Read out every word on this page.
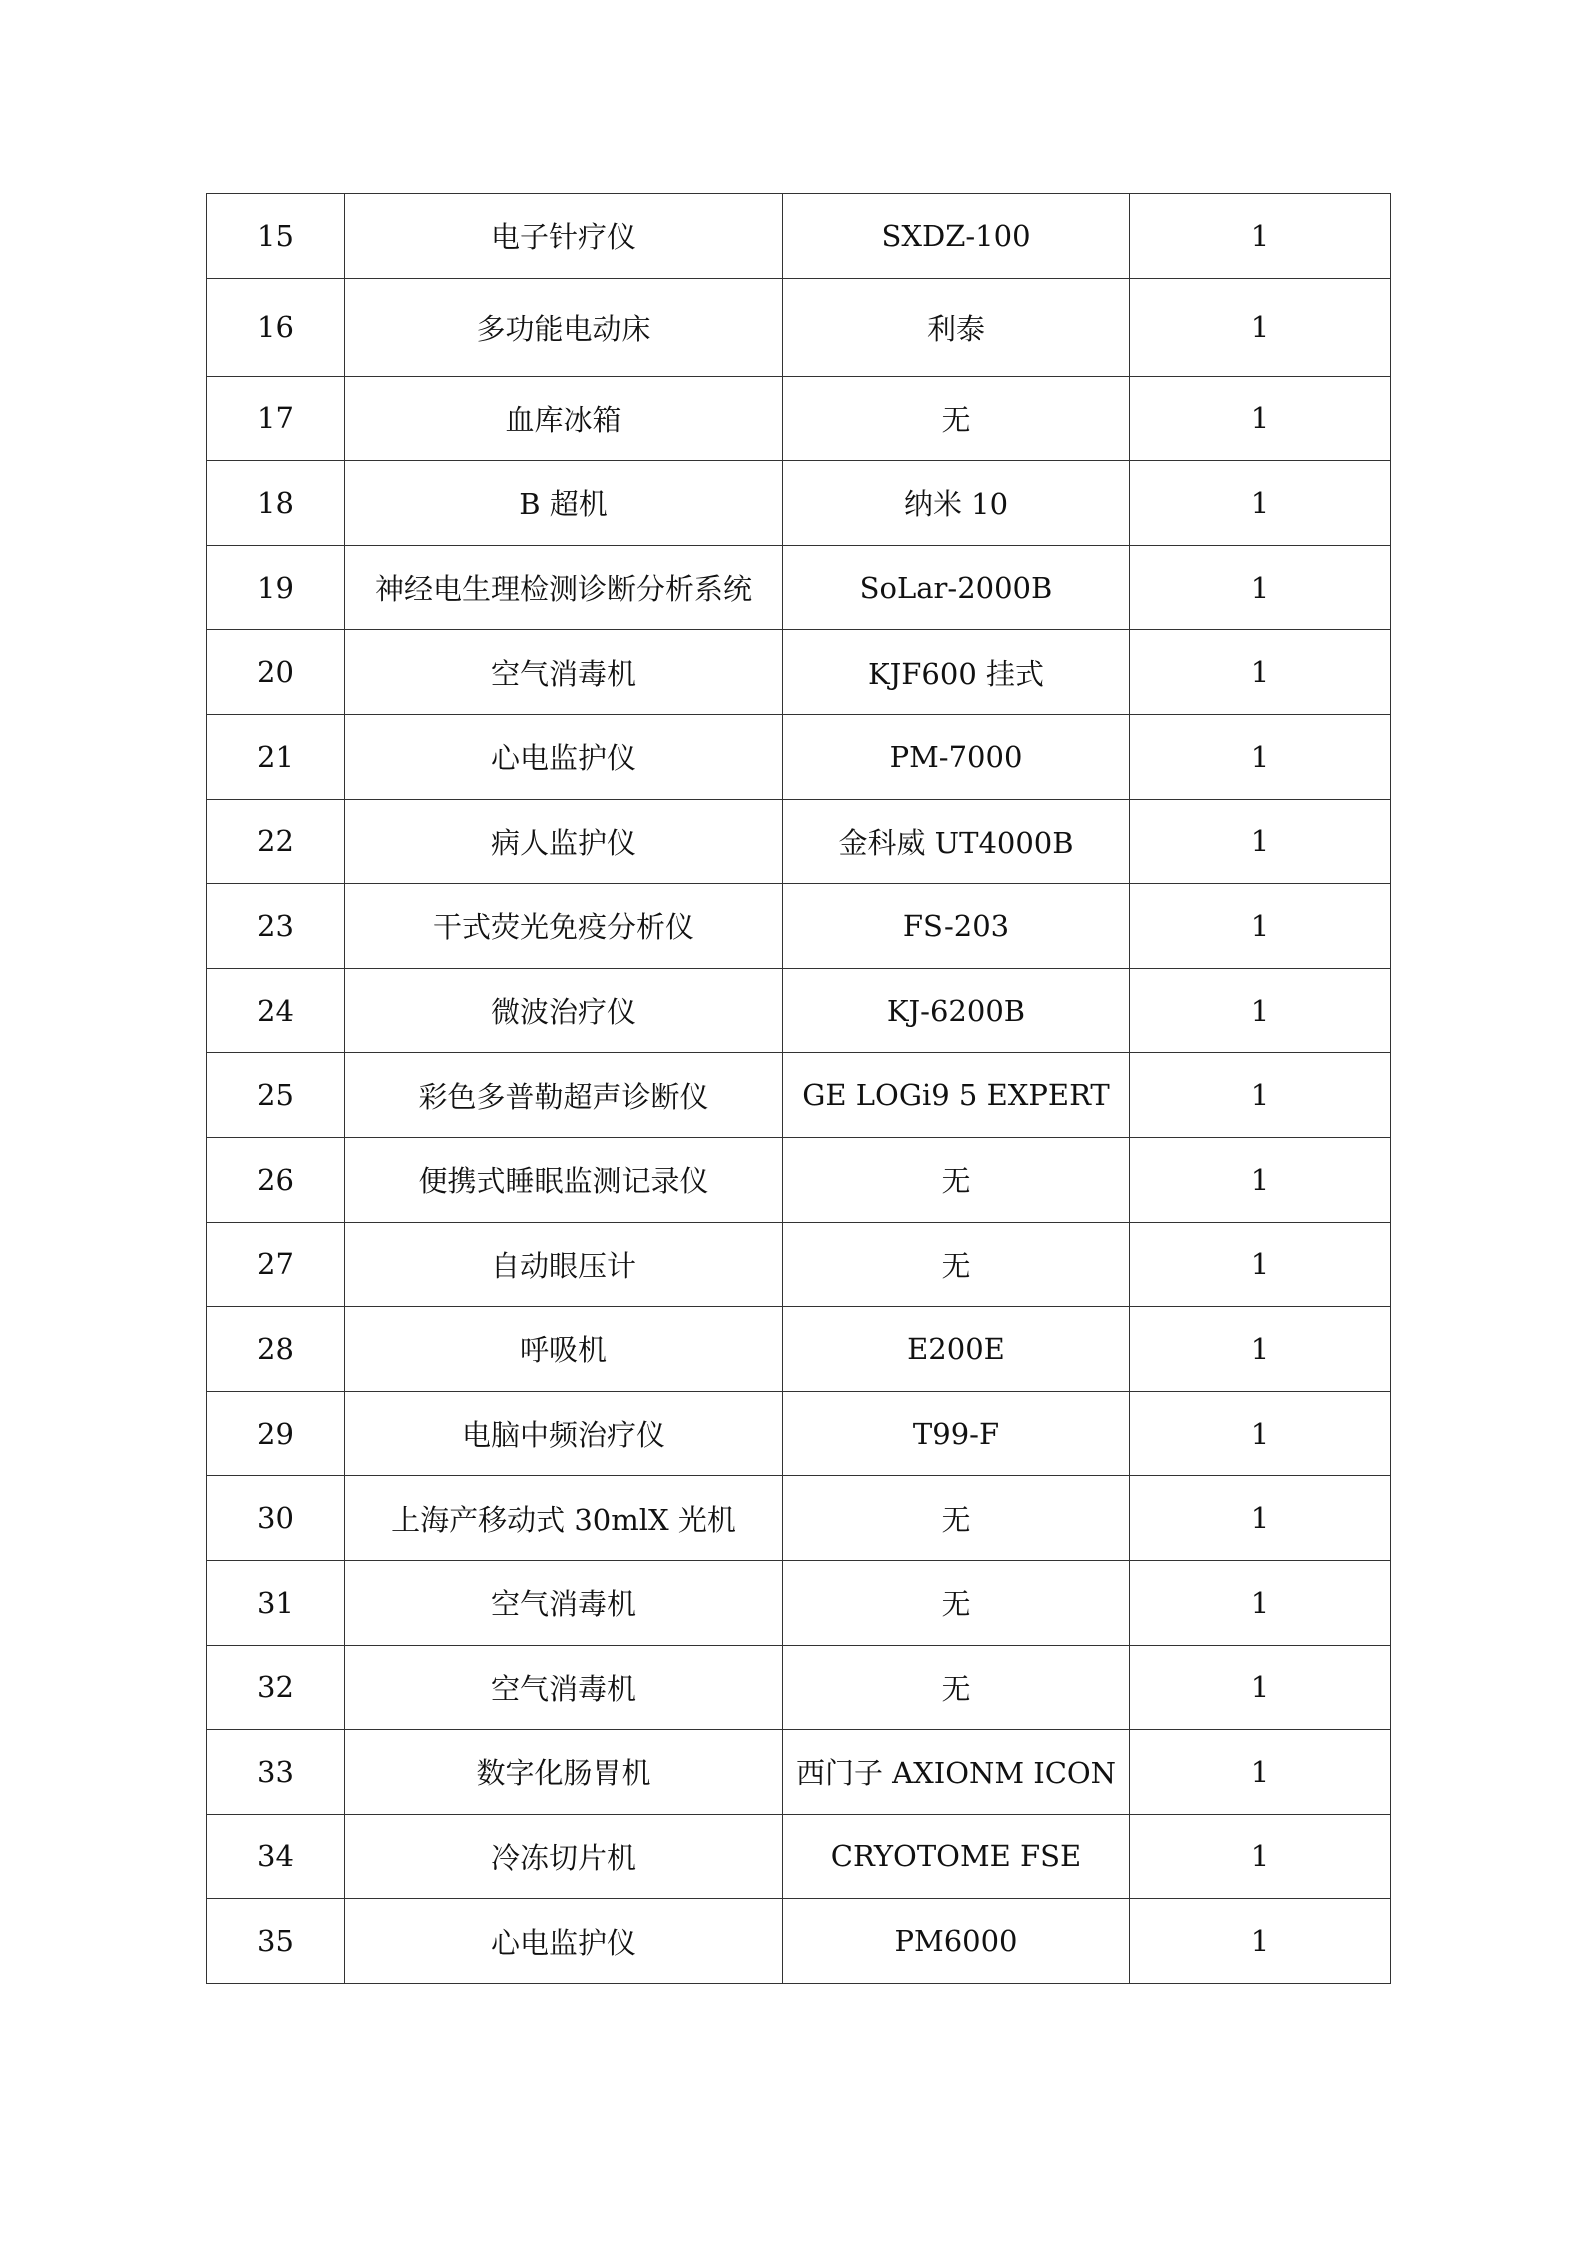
15	电子针疗仪	SXDZ-100	1
16	多功能电动床	利泰	1
17	血库冰箱	无	1
18	B 超机	纳米 10	1
19	神经电生理检测诊断分析系统	SoLar-2000B	1
20	空气消毒机	KJF600 挂式	1
21	心电监护仪	PM-7000	1
22	病人监护仪	金科威 UT4000B	1
23	干式荧光免疫分析仪	FS-203	1
24	微波治疗仪	KJ-6200B	1
25	彩色多普勒超声诊断仪	GE LOGi9 5 EXPERT	1
26	便携式睡眠监测记录仪	无	1
27	自动眼压计	无	1
28	呼吸机	E200E	1
29	电脑中频治疗仪	T99-F	1
30	上海产移动式 30mlX 光机	无	1
31	空气消毒机	无	1
32	空气消毒机	无	1
33	数字化肠胃机	西门子 AXIONM ICON	1
34	冷冻切片机	CRYOTOME FSE	1
35	心电监护仪	PM6000	1
